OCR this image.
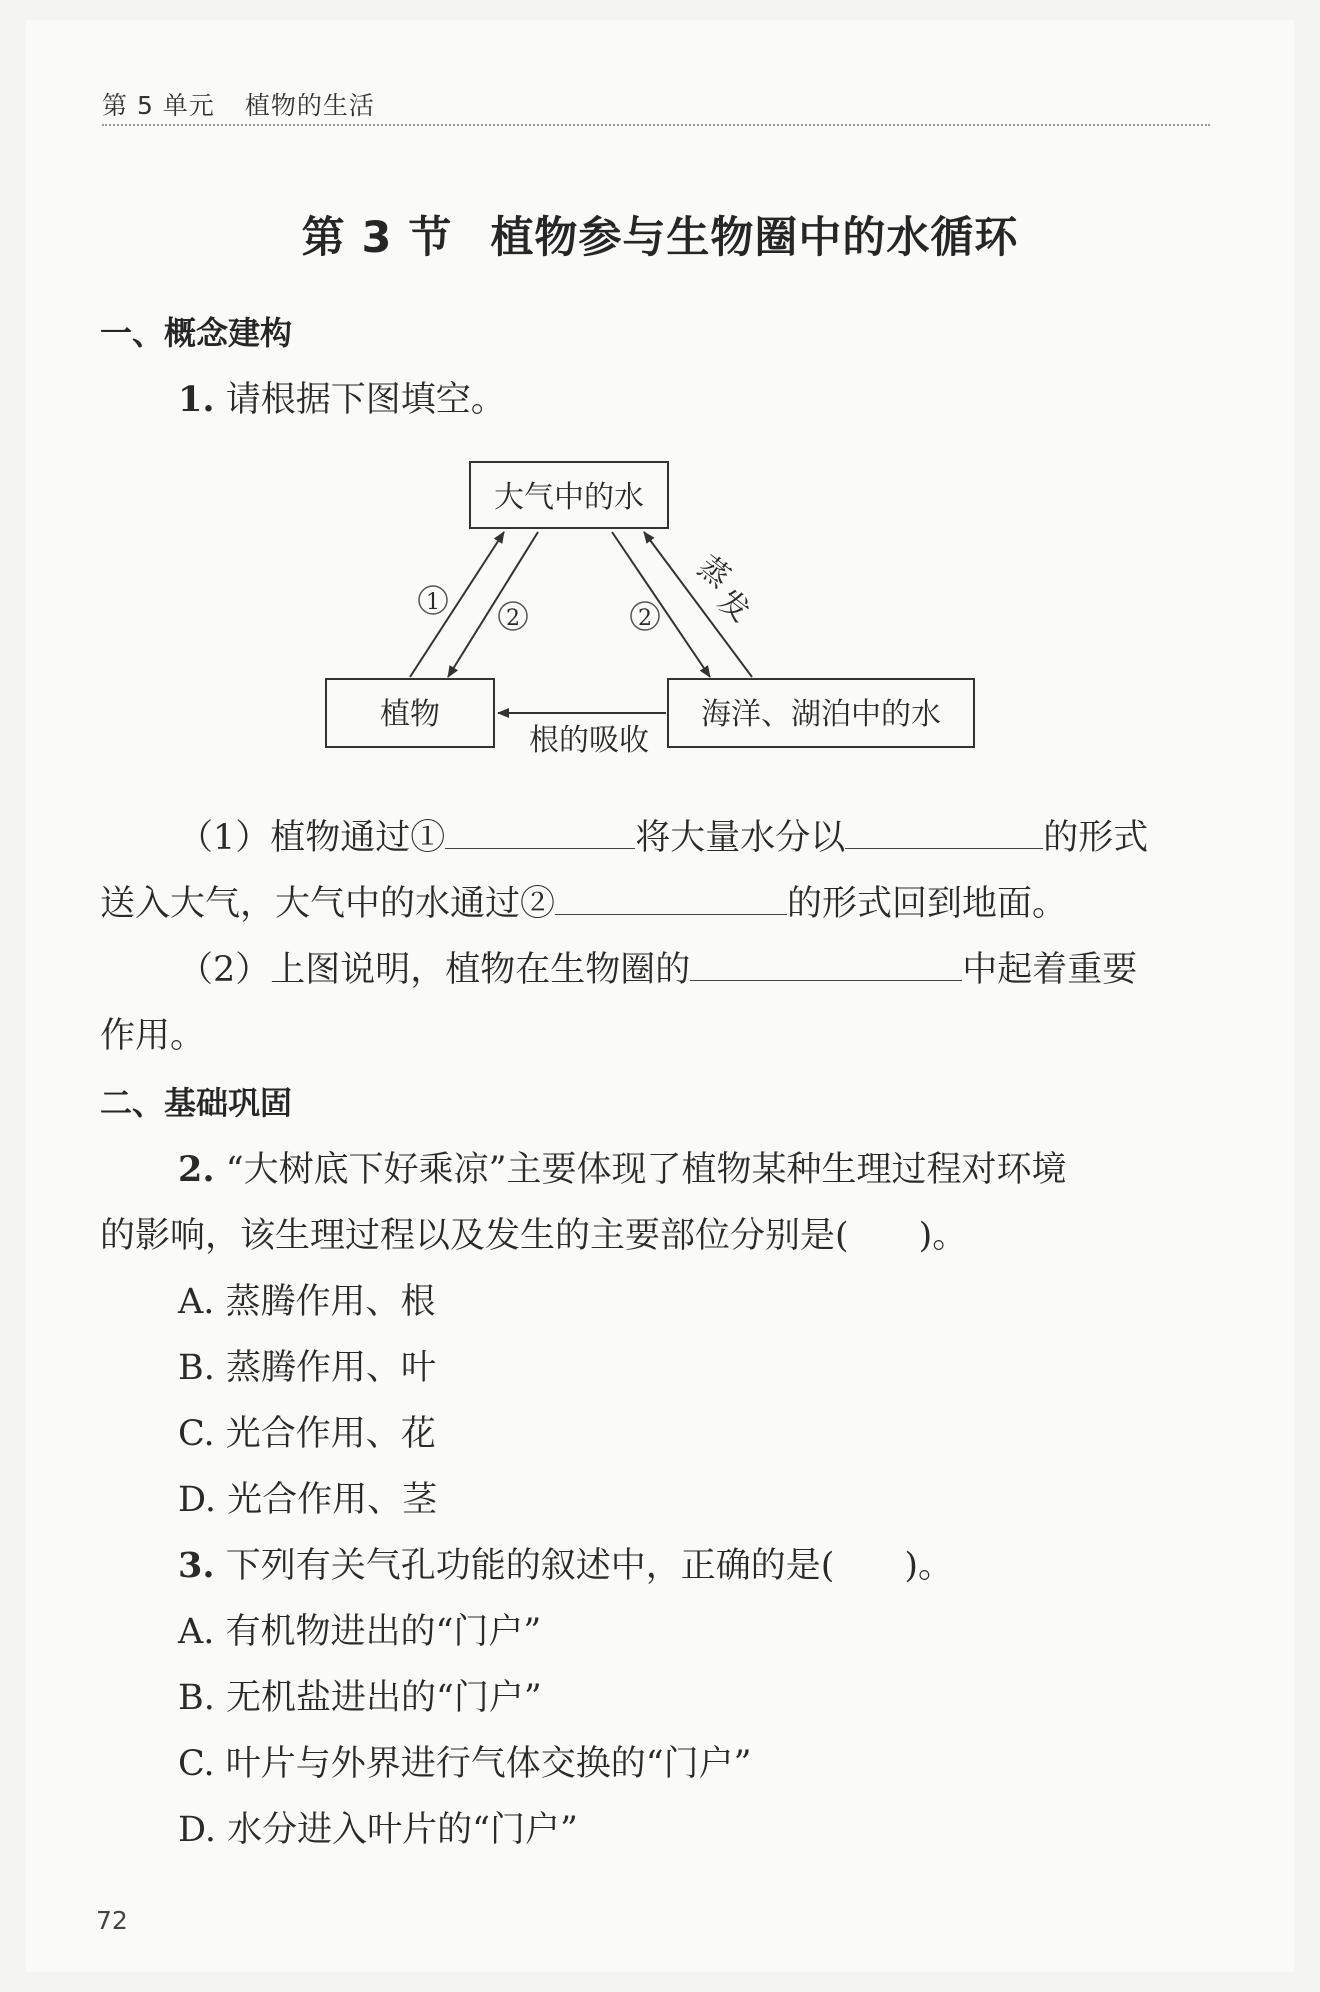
第 5 单元 植物的生活
第 3 节 植物参与生物圈中的水循环
一、概念建构
1. 请根据下图填空。
大气中的水
植物	海洋、湖泊中的水
1
2	2
蒸
发
根的吸收
（1）植物通过①	将大量水分以	的形式
送入大气，大气中的水通过②	的形式回到地面。
（2）上图说明，植物在生物圈的	中起着重要
作用。
二、基础巩固
2. “大树底下好乘凉”主要体现了植物某种生理过程对环境
的影响，该生理过程以及发生的主要部位分别是(　　)。
A. 蒸腾作用、根
B. 蒸腾作用、叶
C. 光合作用、花
D. 光合作用、茎
3. 下列有关气孔功能的叙述中，正确的是(　　)。
A. 有机物进出的“门户”
B. 无机盐进出的“门户”
C. 叶片与外界进行气体交换的“门户”
D. 水分进入叶片的“门户”
72
